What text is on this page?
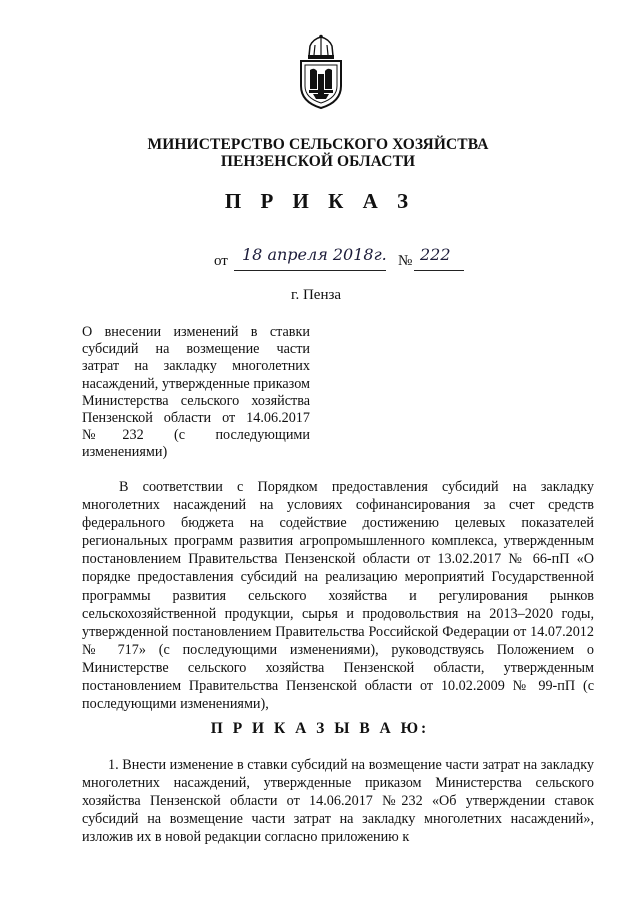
МИНИСТЕРСТВО СЕЛЬСКОГО ХОЗЯЙСТВА
ПЕНЗЕНСКОЙ ОБЛАСТИ
П Р И К А З
от 18 апреля 2018г. № 222
г. Пенза

О внесении изменений в ставки субсидий на возмещение части затрат на закладку многолетних насаждений, утвержденные приказом Министерства сельского хозяйства Пензенской области от 14.06.2017 №232 (с последующими изменениями)

В соответствии с Порядком предоставления субсидий на закладку многолетних насаждений на условиях софинансирования за счет средств федерального бюджета на содействие достижению целевых показателей региональных программ развития агропромышленного комплекса, утвержденным постановлением Правительства Пензенской области от 13.02.2017 № 66-пП «О порядке предоставления субсидий на реализацию мероприятий Государственной программы развития сельского хозяйства и регулирования рынков сельскохозяйственной продукции, сырья и продовольствия на 2013–2020 годы, утвержденной постановлением Правительства Российской Федерации от 14.07.2012 № 717» (с последующими изменениями), руководствуясь Положением о Министерстве сельского хозяйства Пензенской области, утвержденным постановлением Правительства Пензенской области от 10.02.2009 № 99-пП (с последующими изменениями),

П Р И К А З Ы В А Ю:

1. Внести изменение в ставки субсидий на возмещение части затрат на закладку многолетних насаждений, утвержденные приказом Министерства сельского хозяйства Пензенской области от 14.06.2017 №232 «Об утверждении ставок субсидий на возмещение части затрат на закладку многолетних насаждений», изложив их в новой редакции согласно приложению к
